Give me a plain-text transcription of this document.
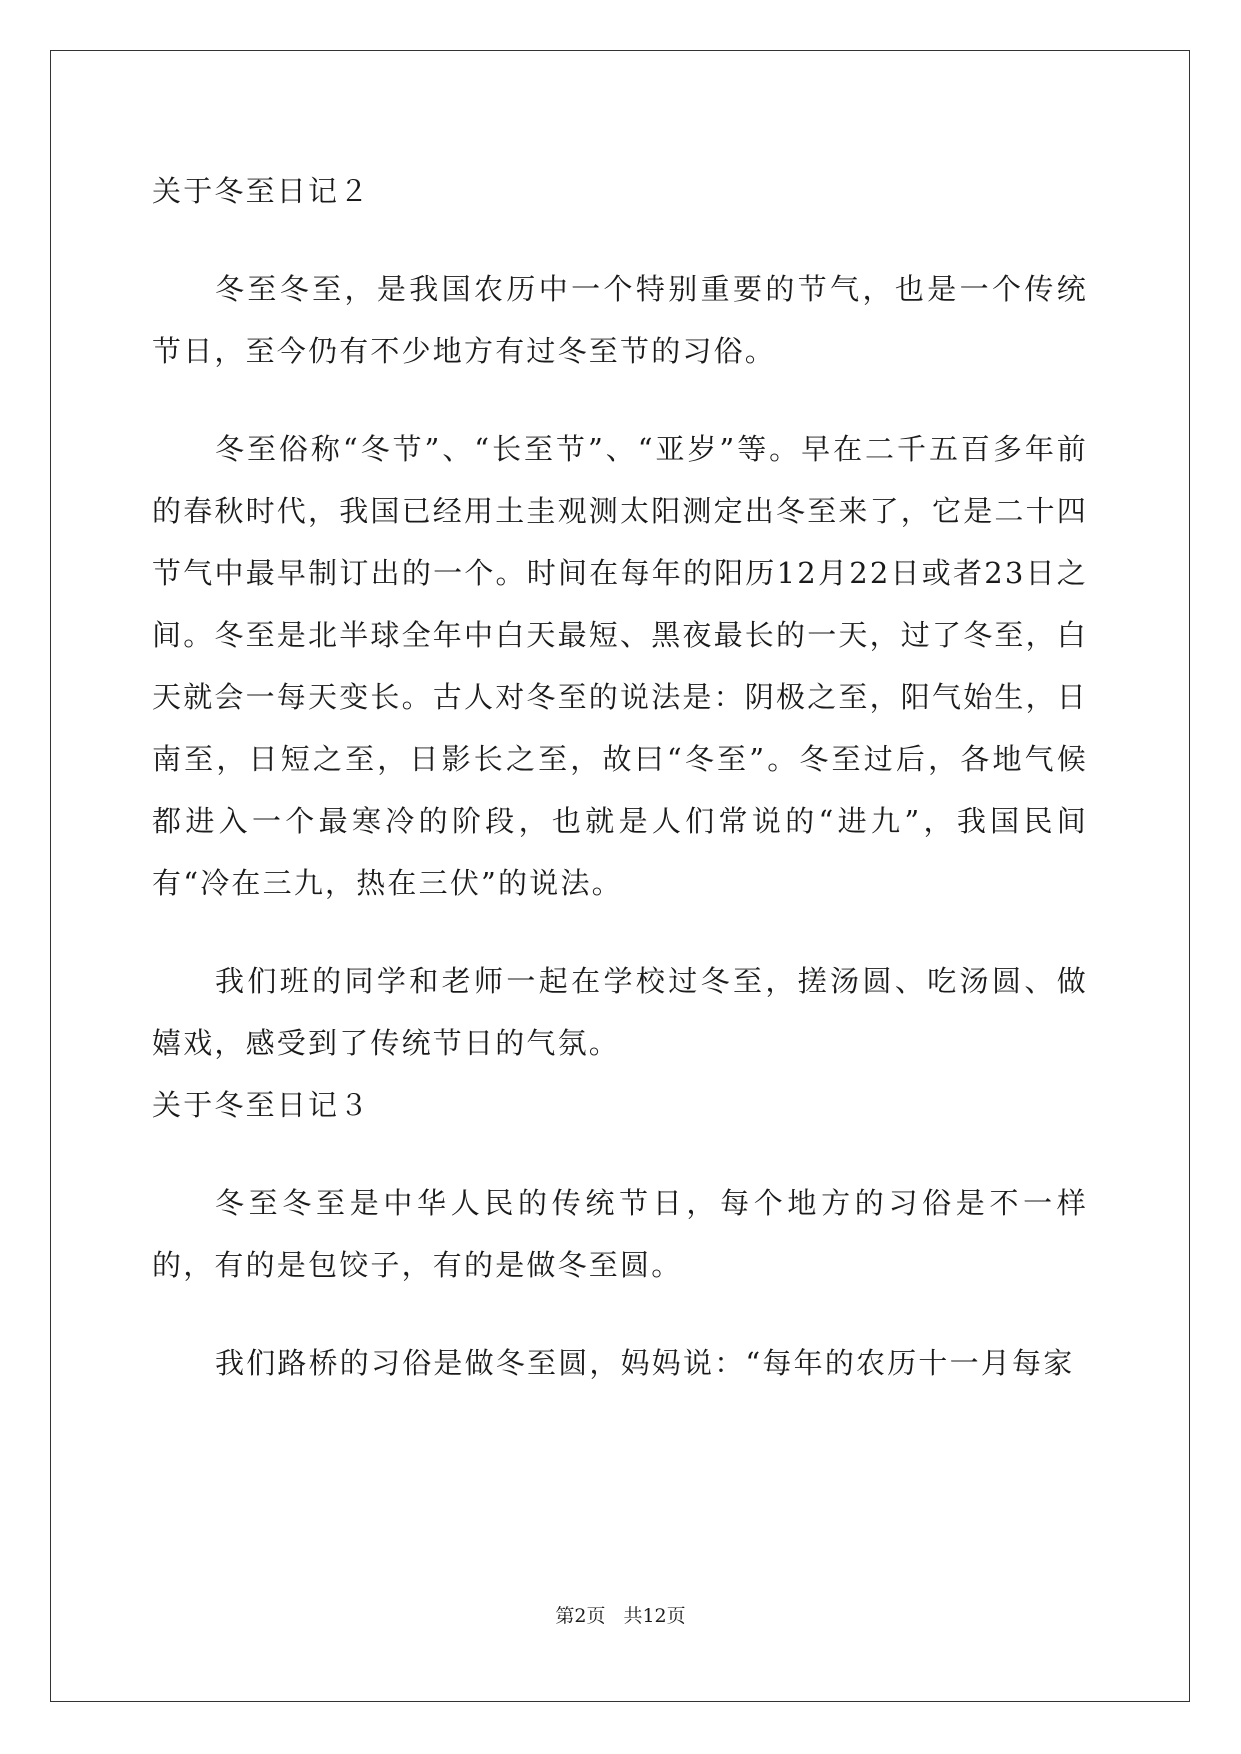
关于冬至日记２

冬至冬至，是我国农历中一个特别重要的节气，也是一个传统节日，至今仍有不少地方有过冬至节的习俗。

冬至俗称“冬节”、“长至节”、“亚岁”等。早在二千五百多年前的春秋时代，我国已经用土圭观测太阳测定出冬至来了，它是二十四节气中最早制订出的一个。时间在每年的阳历12月22日或者23日之间。冬至是北半球全年中白天最短、黑夜最长的一天，过了冬至，白天就会一每天变长。古人对冬至的说法是：阴极之至，阳气始生，日南至，日短之至，日影长之至，故曰“冬至”。冬至过后，各地气候都进入一个最寒冷的阶段，也就是人们常说的“进九”，我国民间有“冷在三九，热在三伏”的说法。

我们班的同学和老师一起在学校过冬至，搓汤圆、吃汤圆、做嬉戏，感受到了传统节日的气氛。

关于冬至日记３

冬至冬至是中华人民的传统节日，每个地方的习俗是不一样的，有的是包饺子，有的是做冬至圆。

我们路桥的习俗是做冬至圆，妈妈说：“每年的农历十一月每家

第2页 共12页
